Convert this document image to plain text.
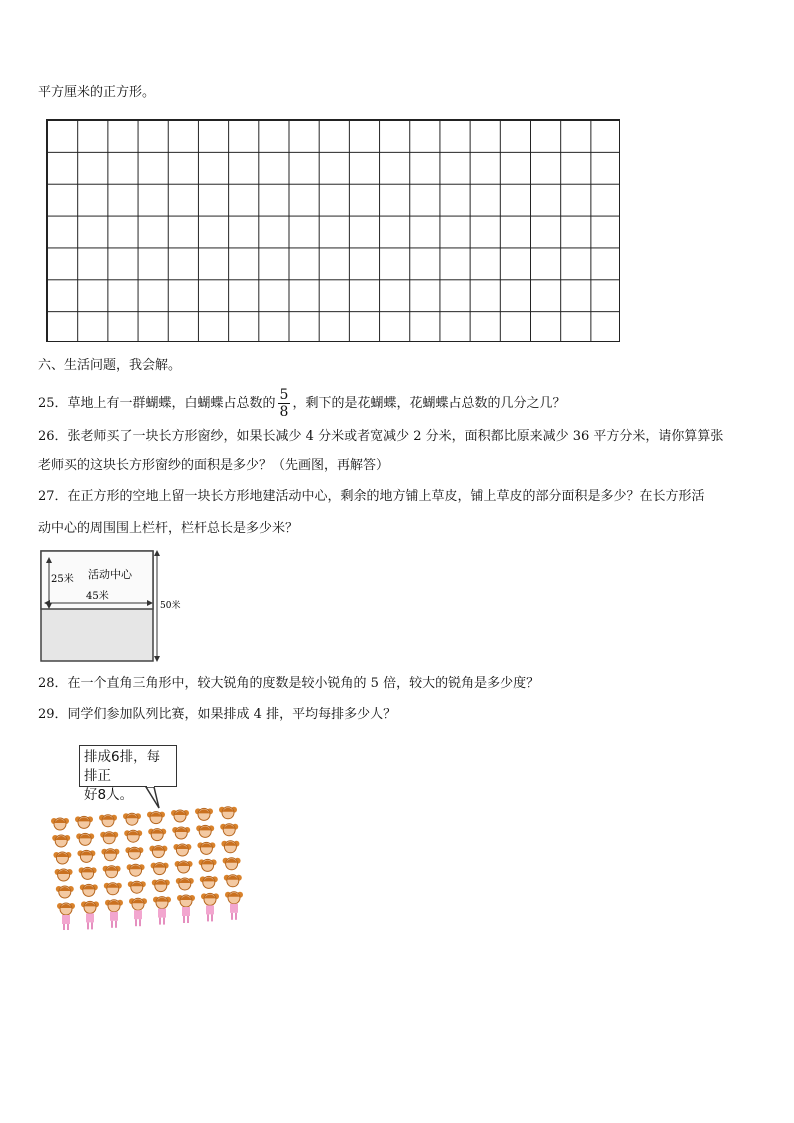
平方厘米的正方形。
六、生活问题，我会解。
25．草地上有一群蝴蝶，白蝴蝶占总数的 $\frac{5}{8}$ ，剩下的是花蝴蝶，花蝴蝶占总数的几分之几？
26．张老师买了一块长方形窗纱，如果长减少 4 分米或者宽减少 2 分米，面积都比原来减少 36 平方分米，请你算算张
老师买的这块长方形窗纱的面积是多少？（先画图，再解答）
27．在正方形的空地上留一块长方形地建活动中心，剩余的地方铺上草皮，铺上草皮的部分面积是多少？在长方形活
动中心的周围围上栏杆，栏杆总长是多少米？
25米 活动中心
45米
50米
28．在一个直角三角形中，较大锐角的度数是较小锐角的 5 倍，较大的锐角是多少度？
29．同学们参加队列比赛，如果排成 4 排，平均每排多少人？
排成6排，每排正
好8人。
